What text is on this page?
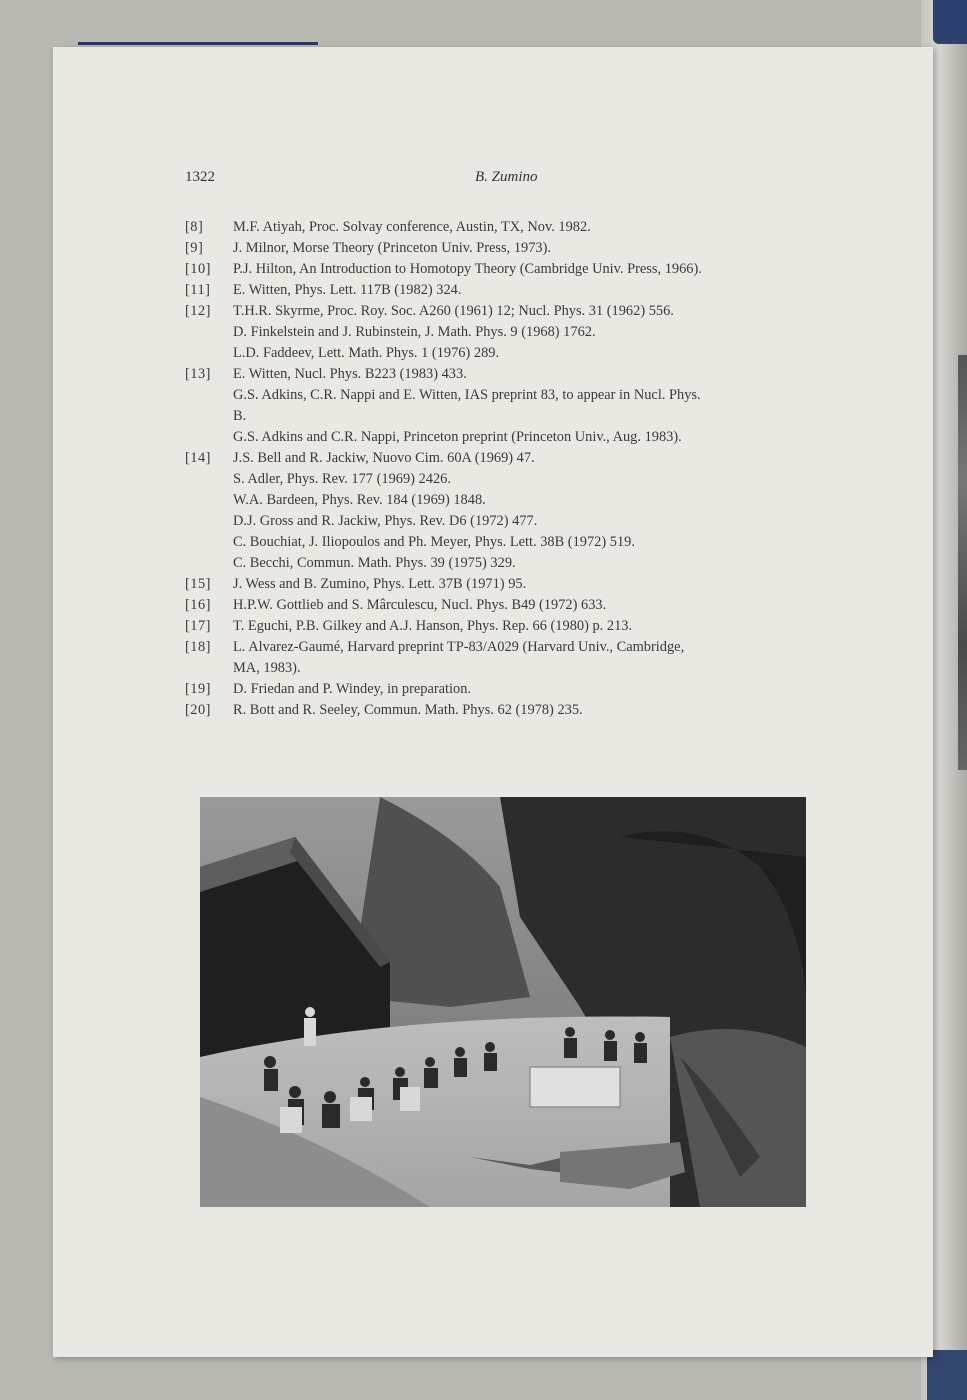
1322	B. Zumino
[8]	M.F. Atiyah, Proc. Solvay conference, Austin, TX, Nov. 1982.
[9]	J. Milnor, Morse Theory (Princeton Univ. Press, 1973).
[10]	P.J. Hilton, An Introduction to Homotopy Theory (Cambridge Univ. Press, 1966).
[11]	E. Witten, Phys. Lett. 117B (1982) 324.
[12]	T.H.R. Skyrme, Proc. Roy. Soc. A260 (1961) 12; Nucl. Phys. 31 (1962) 556.
D. Finkelstein and J. Rubinstein, J. Math. Phys. 9 (1968) 1762.
L.D. Faddeev, Lett. Math. Phys. 1 (1976) 289.
[13]	E. Witten, Nucl. Phys. B223 (1983) 433.
G.S. Adkins, C.R. Nappi and E. Witten, IAS preprint 83, to appear in Nucl. Phys.
B.
G.S. Adkins and C.R. Nappi, Princeton preprint (Princeton Univ., Aug. 1983).
[14]	J.S. Bell and R. Jackiw, Nuovo Cim. 60A (1969) 47.
S. Adler, Phys. Rev. 177 (1969) 2426.
W.A. Bardeen, Phys. Rev. 184 (1969) 1848.
D.J. Gross and R. Jackiw, Phys. Rev. D6 (1972) 477.
C. Bouchiat, J. Iliopoulos and Ph. Meyer, Phys. Lett. 38B (1972) 519.
C. Becchi, Commun. Math. Phys. 39 (1975) 329.
[15]	J. Wess and B. Zumino, Phys. Lett. 37B (1971) 95.
[16]	H.P.W. Gottlieb and S. Mârculescu, Nucl. Phys. B49 (1972) 633.
[17]	T. Eguchi, P.B. Gilkey and A.J. Hanson, Phys. Rep. 66 (1980) p. 213.
[18]	L. Alvarez-Gaumé, Harvard preprint TP-83/A029 (Harvard Univ., Cambridge,
MA, 1983).
[19]	D. Friedan and P. Windey, in preparation.
[20]	R. Bott and R. Seeley, Commun. Math. Phys. 62 (1978) 235.
